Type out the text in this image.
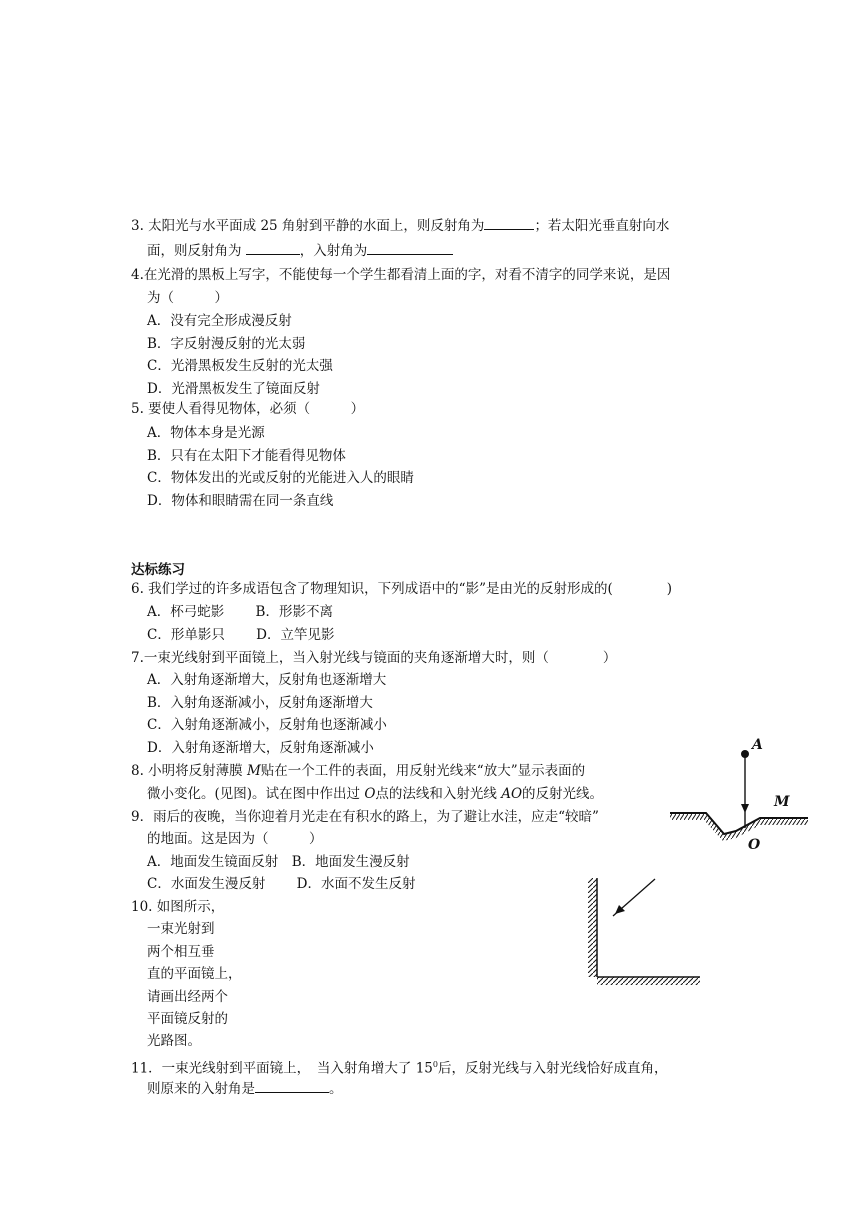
3. 太阳光与水平面成 25 角射到平静的水面上，则反射角为	；若太阳光垂直射向水
面，则反射角为	，入射角为
4.在光滑的黑板上写字，不能使每一个学生都看清上面的字，对看不清字的同学来说，是因
为（　　　）
A．没有完全形成漫反射
B．字反射漫反射的光太弱
C．光滑黑板发生反射的光太强
D．光滑黑板发生了镜面反射
5. 要使人看得见物体，必须（　　　）
A．物体本身是光源
B．只有在太阳下才能看得见物体
C．物体发出的光或反射的光能进入人的眼睛
D．物体和眼睛需在同一条直线
达标练习
6. 我们学过的许多成语包含了物理知识，下列成语中的“影”是由光的反射形成的(　　　　)
A．杯弓蛇影　　 B．形影不离
C．形单影只　　 D．立竿见影
7.一束光线射到平面镜上，当入射光线与镜面的夹角逐渐增大时，则（　　　　）
A．入射角逐渐增大，反射角也逐渐增大
B．入射角逐渐减小，反射角逐渐增大
C．入射角逐渐减小，反射角也逐渐减小
D．入射角逐渐增大，反射角逐渐减小
8. 小明将反射薄膜 M贴在一个工件的表面，用反射光线来“放大”显示表面的
微小变化。(见图)。试在图中作出过 O点的法线和入射光线 AO的反射光线。
9．雨后的夜晚，当你迎着月光走在有积水的路上，为了避让水洼，应走“较暗”
的地面。这是因为（　　　）
A．地面发生镜面反射　B．地面发生漫反射
C．水面发生漫反射　　 D．水面不发生反射
10. 如图所示，
一束光射到
两个相互垂
直的平面镜上，
请画出经两个
平面镜反射的
光路图。
11．一束光线射到平面镜上，　当入射角增大了 $15^0$后，反射光线与入射光线恰好成直角，
则原来的入射角是	。
A
M
O
